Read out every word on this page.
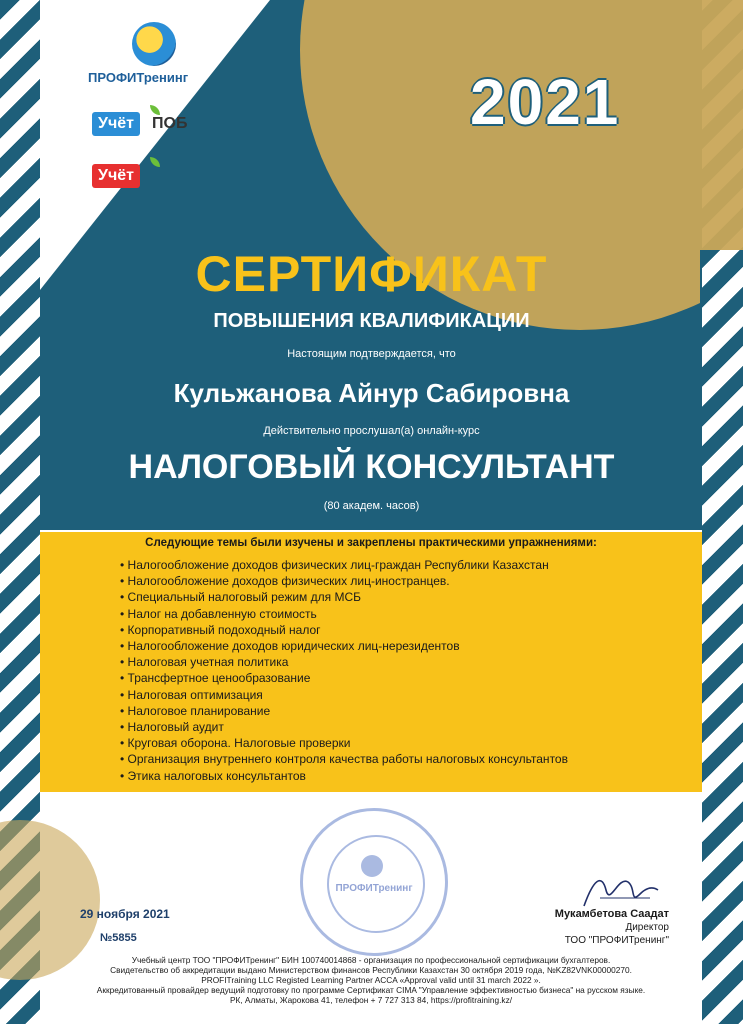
ПРОФИТренинг
Учёт	ПОБ
Учёт
2021
СЕРТИФИКАТ
ПОВЫШЕНИЯ КВАЛИФИКАЦИИ
Настоящим подтверждается, что
Кульжанова Айнур Сабировна
Действительно прослушал(а) онлайн-курс
НАЛОГОВЫЙ КОНСУЛЬТАНТ
(80 академ. часов)
Следующие темы были изучены и закреплены практическими упражнениями:
• Налогообложение доходов физических лиц-граждан Республики Казахстан
• Налогообложение доходов физических лиц-иностранцев.
• Специальный налоговый режим для МСБ
• Налог на добавленную стоимость
• Корпоративный подоходный налог
• Налогообложение доходов юридических лиц-нерезидентов
• Налоговая учетная политика
• Трансфертное ценообразование
• Налоговая оптимизация
• Налоговое планирование
• Налоговый аудит
• Круговая оборона. Налоговые проверки
• Организация внутреннего контроля качества работы налоговых консультантов
• Этика налоговых консультантов
ПРОФИТренинг
29 ноября 2021
№5855
Мукамбетова Саадат
Директор
ТОО "ПРОФИТренинг"
Учебный центр ТОО "ПРОФИТренинг" БИН 100740014868 - организация по профессиональной сертификации бухгалтеров.
Свидетельство об аккредитации выдано Министерством финансов Республики Казахстан 30 октября 2019 года, №KZ82VNK00000270.
PROFITraining LLC Registed Learning Partner ACCA «Approval valid until 31 march 2022 ».
Аккредитованный провайдер ведущий подготовку по программе Сертификат CIMA "Управление эффективностью бизнеса" на русском языке.
РК, Алматы, Жарокова 41, телефон + 7 727 313 84, https://profitraining.kz/
